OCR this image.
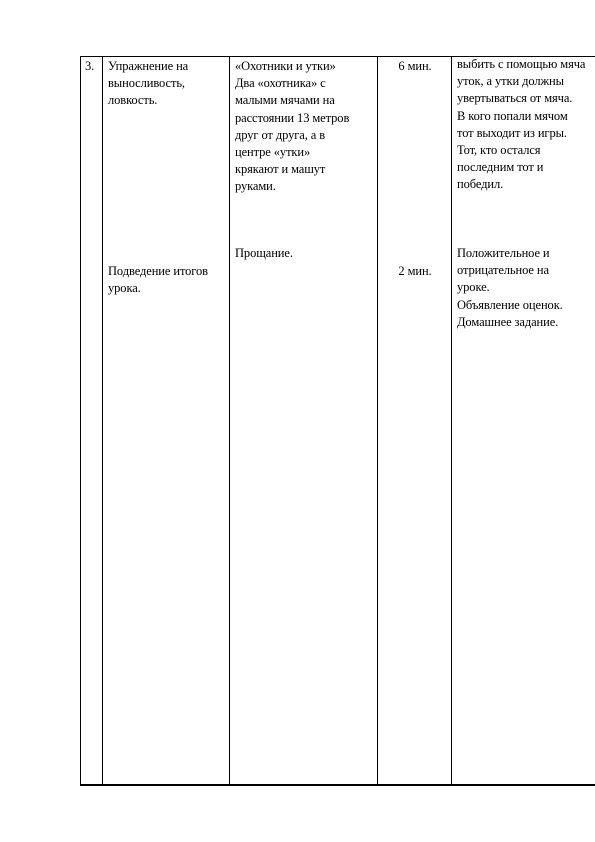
3. Упражнение на
выносливость,
ловкость.
«Охотники и утки»
Два «охотника» с
малыми мячами на
расстоянии 13 метров
друг от друга, а в
центре «утки»
крякают и машут
руками.
6 мин.	выбить с помощью мяча
уток, а утки должны
увертываться от мяча.
В кого попали мячом
тот выходит из игры.
Тот, кто остался
последним тот и
победил.
Подведение итогов
урока.
Прощание.
2 мин.
Положительное и
отрицательное на
уроке.
Объявление оценок.
Домашнее задание.
